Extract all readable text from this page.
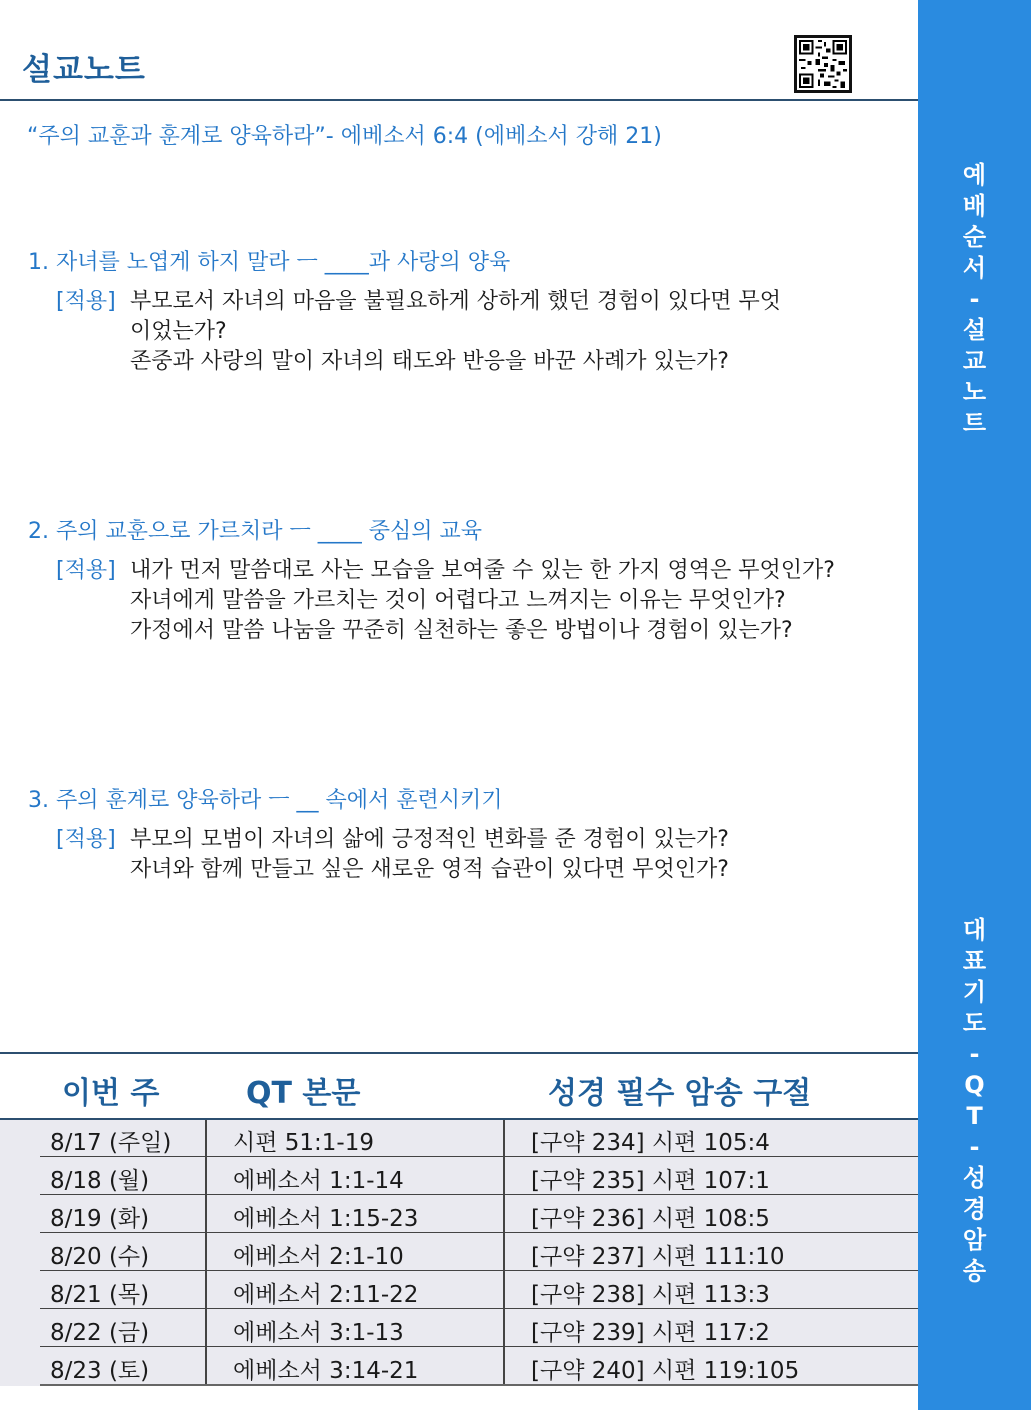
설교노트
“주의 교훈과 훈계로 양육하라”- 에베소서 6:4 (에베소서 강해 21)
1. 자녀를 노엽게 하지 말라 ㅡ ____과 사랑의 양육
[적용] 부모로서 자녀의 마음을 불필요하게 상하게 했던 경험이 있다면 무엇
이었는가?
존중과 사랑의 말이 자녀의 태도와 반응을 바꾼 사례가 있는가?
2. 주의 교훈으로 가르치라 ㅡ ____ 중심의 교육
[적용] 내가 먼저 말씀대로 사는 모습을 보여줄 수 있는 한 가지 영역은 무엇인가?
자녀에게 말씀을 가르치는 것이 어렵다고 느껴지는 이유는 무엇인가?
가정에서 말씀 나눔을 꾸준히 실천하는 좋은 방법이나 경험이 있는가?
3. 주의 훈계로 양육하라 ㅡ __ 속에서 훈련시키기
[적용] 부모의 모범이 자녀의 삶에 긍정적인 변화를 준 경험이 있는가?
자녀와 함께 만들고 싶은 새로운 영적 습관이 있다면 무엇인가?
예
배
순
서
-
설
교
노
트
대
표
기
도
-
Q
T
-
성
경
암
송
이번 주	QT 본문	성경 필수 암송 구절
8/17 (주일)	시편 51:1-19	[구약 234] 시편 105:4
8/18 (월)	에베소서 1:1-14	[구약 235] 시편 107:1
8/19 (화)	에베소서 1:15-23	[구약 236] 시편 108:5
8/20 (수)	에베소서 2:1-10	[구약 237] 시편 111:10
8/21 (목)	에베소서 2:11-22	[구약 238] 시편 113:3
8/22 (금)	에베소서 3:1-13	[구약 239] 시편 117:2
8/23 (토)	에베소서 3:14-21	[구약 240] 시편 119:105
